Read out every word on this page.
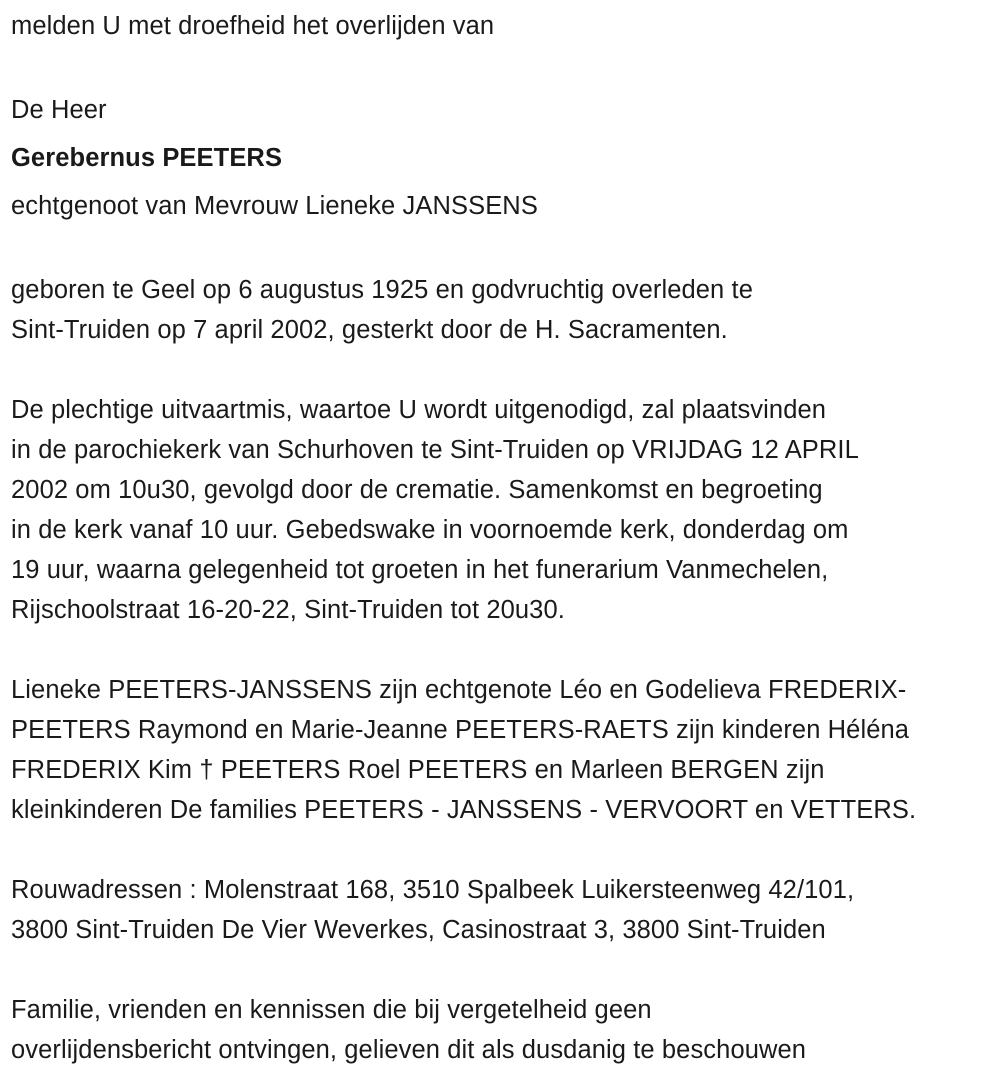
melden U met droefheid het overlijden van
De Heer
Gerebernus PEETERS
echtgenoot van Mevrouw Lieneke JANSSENS
geboren te Geel op 6 augustus 1925 en godvruchtig overleden te
Sint-Truiden op 7 april 2002, gesterkt door de H. Sacramenten.
De plechtige uitvaartmis, waartoe U wordt uitgenodigd, zal plaatsvinden
in de parochiekerk van Schurhoven te Sint-Truiden op VRIJDAG 12 APRIL
2002 om 10u30, gevolgd door de crematie. Samenkomst en begroeting
in de kerk vanaf 10 uur. Gebedswake in voornoemde kerk, donderdag om
19 uur, waarna gelegenheid tot groeten in het funerarium Vanmechelen,
Rijschoolstraat 16-20-22, Sint-Truiden tot 20u30.
Lieneke PEETERS-JANSSENS zijn echtgenote Léo en Godelieva FREDERIX-
PEETERS Raymond en Marie-Jeanne PEETERS-RAETS zijn kinderen Héléna
FREDERIX Kim † PEETERS Roel PEETERS en Marleen BERGEN zijn
kleinkinderen De families PEETERS - JANSSENS - VERVOORT en VETTERS.
Rouwadressen : Molenstraat 168, 3510 Spalbeek Luikersteenweg 42/101,
3800 Sint-Truiden De Vier Weverkes, Casinostraat 3, 3800 Sint-Truiden
Familie, vrienden en kennissen die bij vergetelheid geen
overlijdensbericht ontvingen, gelieven dit als dusdanig te beschouwen
